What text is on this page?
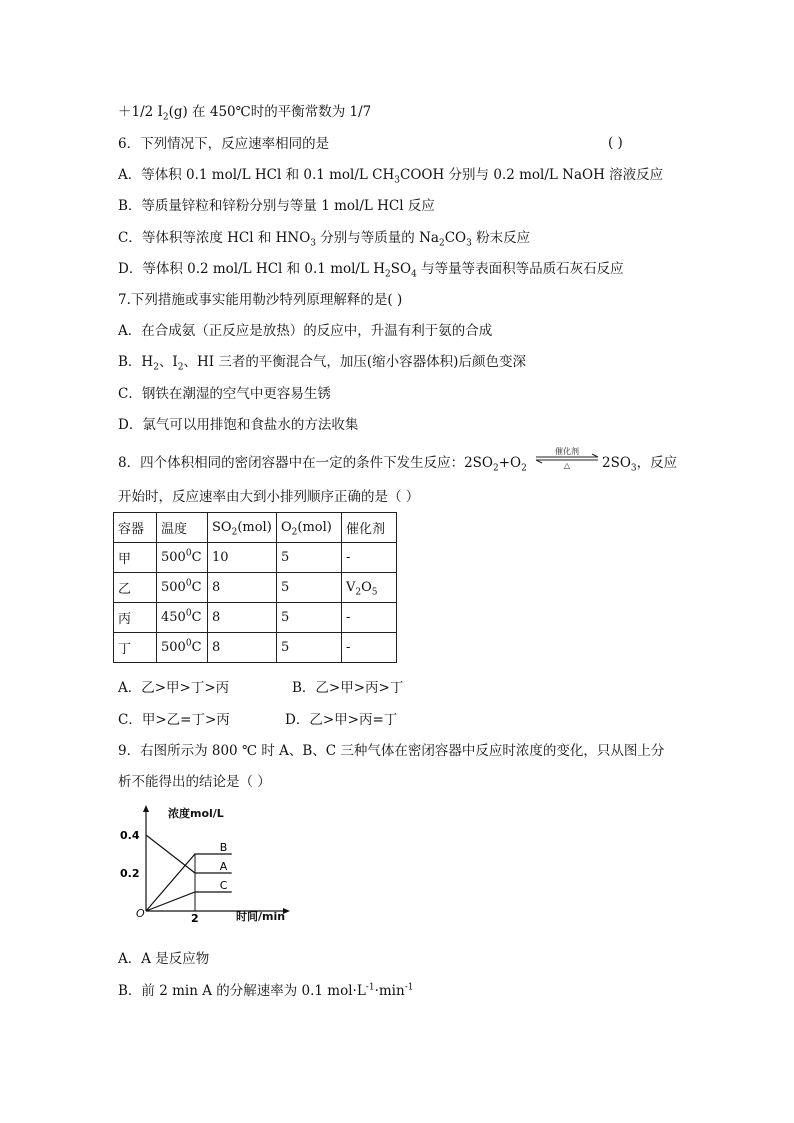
＋1/2 $I_2(g)$ 在 450℃时的平衡常数为 1/7
6．下列情况下，反应速率相同的是	( )
A．等体积 0.1 mol/L HCl 和 0.1 mol/L $CH_3COOH$ 分别与 0.2 mol/L NaOH 溶液反应
B．等质量锌粒和锌粉分别与等量 1 mol/L HCl 反应
C．等体积等浓度 HCl 和 $HNO_3$ 分别与等质量的 $Na_2CO_3$ 粉末反应
D．等体积 0.2 mol/L HCl 和 0.1 mol/L $H_2SO_4$ 与等量等表面积等品质石灰石反应
7.下列措施或事实能用勒沙特列原理解释的是( )
A．在合成氨（正反应是放热）的反应中，升温有利于氨的合成
B．$H_2$、$I_2$、HI 三者的平衡混合气，加压(缩小容器体积)后颜色变深
C．钢铁在潮湿的空气中更容易生锈
D．氯气可以用排饱和食盐水的方法收集
8．四个体积相同的密闭容器中在一定的条件下发生反应：$2SO_2+O_2$
催化剂
△ $2SO_3$，反应
开始时，反应速率由大到小排列顺序正确的是（ ）
容器	温度	$SO_2(mol)$	$O_2(mol)$	催化剂
甲	$500^0C$	10	5	-
乙	$500^0C$	8	5	$V_2O_5$
丙	$450^0C$	8	5	-
丁	$500^0C$	8	5	-
A．乙>甲>丁>丙	B．乙>甲>丙>丁
C．甲>乙=丁>丙	D．乙>甲>丙=丁
9．右图所示为 800 ℃ 时 A、B、C 三种气体在密闭容器中反应时浓度的变化，只从图上分
析不能得出的结论是（ ）
0.4
0.2
2
A
B
C
浓度mol/L
时间/min
O
A．A 是反应物
B．前 2 min A 的分解速率为 0.1 $mol\cdot L^{-1}\cdot\min^{-1}$
